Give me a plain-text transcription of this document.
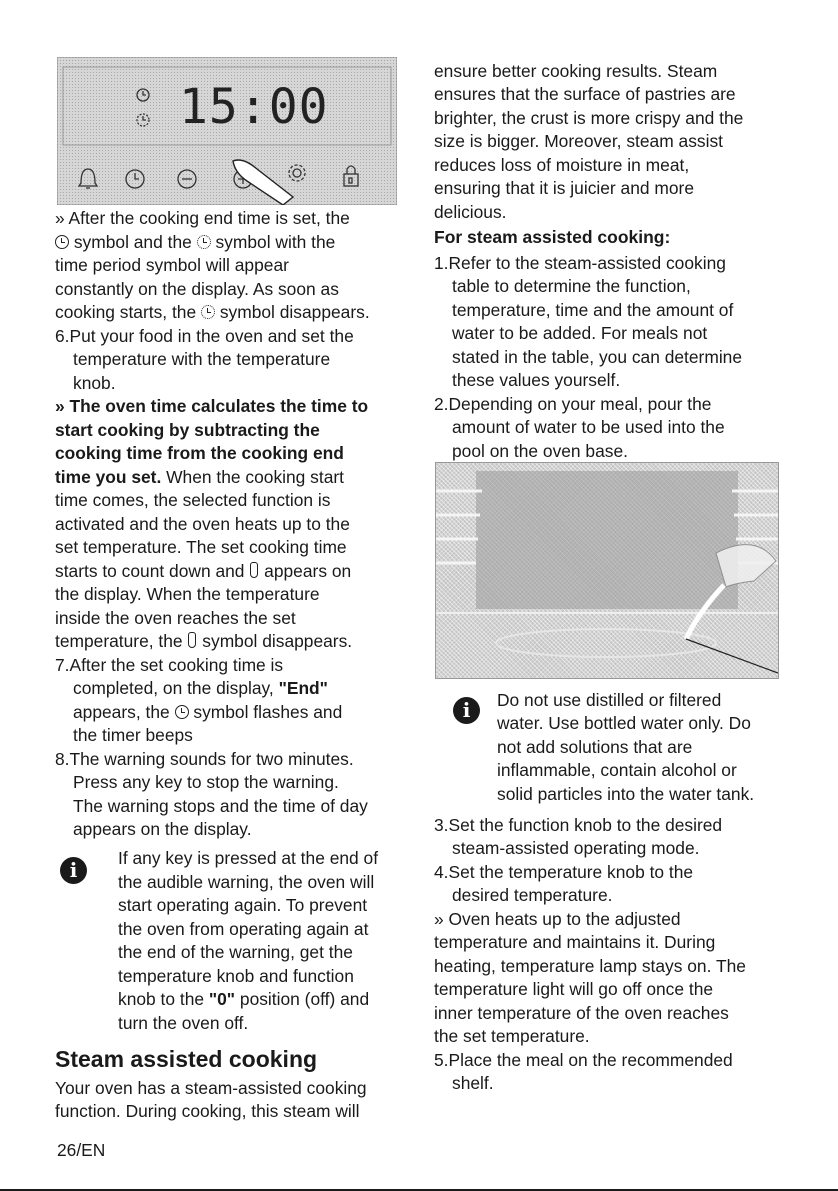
15:00

» After the cooking end time is set, the

symbol and the symbol with the

time period symbol will appear

constantly on the display. As soon as

cooking starts, the symbol disappears.

6.Put your food in the oven and set the

temperature with the temperature

knob.

» The oven time calculates the time to

start cooking by subtracting the

cooking time from the cooking end

time you set. When the cooking start

time comes, the selected function is

activated and the oven heats up to the

set temperature. The set cooking time

starts to count down and appears on

the display. When the temperature

inside the oven reaches the set

temperature, the symbol disappears.

7.After the set cooking time is

completed, on the display, "End"

appears, the symbol flashes and

the timer beeps

8.The warning sounds for two minutes.

Press any key to stop the warning.

The warning stops and the time of day

appears on the display.

i	If any key is pressed at the end of

the audible warning, the oven will

start operating again. To prevent

the oven from operating again at

the end of the warning, get the

temperature knob and function

knob to the "0" position (off) and

turn the oven off.

Steam assisted cooking

Your oven has a steam-assisted cooking

function. During cooking, this steam will

ensure better cooking results. Steam

ensures that the surface of pastries are

brighter, the crust is more crispy and the

size is bigger. Moreover, steam assist

reduces loss of moisture in meat,

ensuring that it is juicier and more

delicious.

For steam assisted cooking:

1.Refer to the steam-assisted cooking

table to determine the function,

temperature, time and the amount of

water to be added. For meals not

stated in the table, you can determine

these values yourself.

2.Depending on your meal, pour the

amount of water to be used into the

pool on the oven base.

i	Do not use distilled or filtered

water. Use bottled water only. Do

not add solutions that are

inflammable, contain alcohol or

solid particles into the water tank.

3.Set the function knob to the desired

steam-assisted operating mode.

4.Set the temperature knob to the

desired temperature.

» Oven heats up to the adjusted

temperature and maintains it. During

heating, temperature lamp stays on. The

temperature light will go off once the

inner temperature of the oven reaches

the set temperature.

5.Place the meal on the recommended

shelf.

26/EN
